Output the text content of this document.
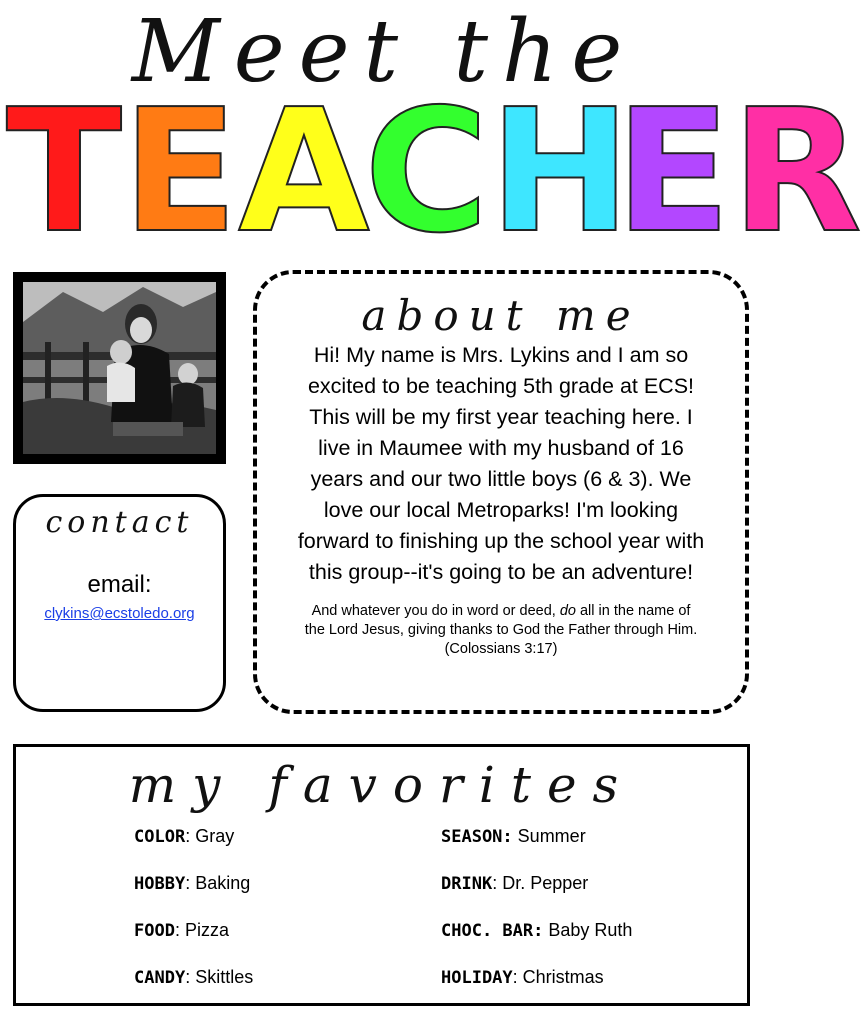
Meet the
T E A
C H
E R
contact
email:
clykins@ecstoledo.org
about me
Hi! My name is Mrs. Lykins and I am so excited to be teaching 5th grade at ECS! This will be my first year teaching here. I live in Maumee with my husband of 16 years and our two little boys (6 & 3). We love our local Metroparks! I'm looking forward to finishing up the school year with this group--it's going to be an adventure!
And whatever you do in word or deed, do all in the name of the Lord Jesus, giving thanks to God the Father through Him. (Colossians 3:17)
my favorites
COLOR: Gray	SEASON: Summer
HOBBY: Baking	DRINK: Dr. Pepper
FOOD: Pizza	CHOC. BAR: Baby Ruth
CANDY: Skittles	HOLIDAY: Christmas
